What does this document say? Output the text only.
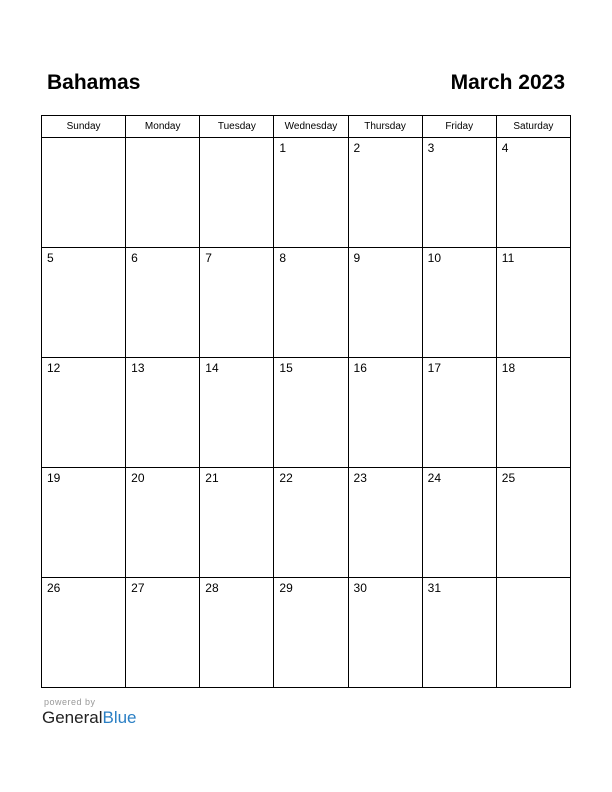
Bahamas	March 2023
Sunday	Monday	Tuesday	Wednesday	Thursday	Friday	Saturday

			1	2	3	4

5	6	7	8	9	10	11

12	13	14	15	16	17	18

19	20	21	22	23	24	25

26	27	28	29	30	31	

powered by
GeneralBlue
